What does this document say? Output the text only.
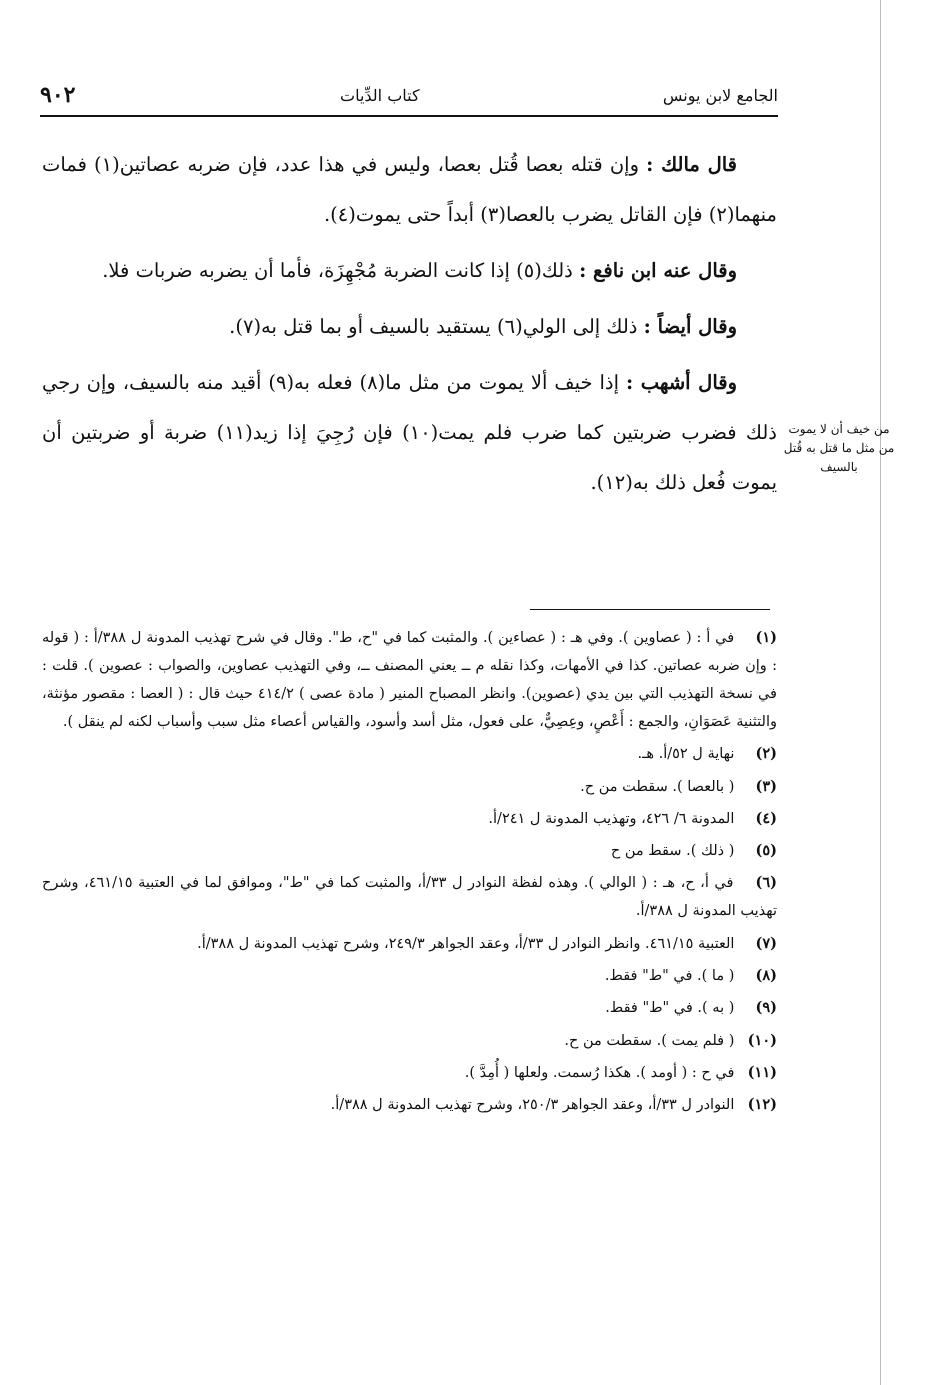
الجامع لابن يونس
كتاب الدِّيات
٩٠٢

قال مالك : وإن قتله بعصا قُتل بعصا، وليس في هذا عدد، فإن ضربه عصاتين(١) فمات منهما(٢) فإن القاتل يضرب بالعصا(٣) أبداً حتى يموت(٤).

وقال عنه ابن نافع : ذلك(٥) إذا كانت الضربة مُجْهِزَة، فأما أن يضربه ضربات فلا.

وقال أيضاً : ذلك إلى الولي(٦) يستقيد بالسيف أو بما قتل به(٧).

وقال أشهب : إذا خيف ألا يموت من مثل ما(٨) فعله به(٩) أقيد منه بالسيف، وإن رجي ذلك فضرب ضربتين كما ضرب فلم يمت(١٠) فإن رُجِيَ إذا زيد(١١) ضربة أو ضربتين أن يموت فُعل ذلك به(١٢).

من خيف أن لا يموت من مثل ما قتل به قُتل بالسيف
(١) في أ : ( عصاوين ). وفي هـ : ( عصاءين ). والمثبت كما في "ح، ط". وقال في شرح تهذيب المدونة ل ٣٨٨/أ : ( قوله : وإن ضربه عصاتين. كذا في الأمهات، وكذا نقله م ــ يعني المصنف ــ، وفي التهذيب عصاوين، والصواب : عصوين ). قلت : في نسخة التهذيب التي بين يدي (عصوين). وانظر المصباح المنير ( مادة عصى ) ٤١٤/٢ حيث قال : ( العصا : مقصور مؤنثة، والتثنية عَصَوَانِ، والجمع : أَعْصٍ، وعِصِيٌّ، على فعول، مثل أسد وأسود، والقياس أعصاء مثل سبب وأسباب لكنه لم ينقل ).
(٢) نهاية ل ٥٢/أ. هـ.
(٣) ( بالعصا ). سقطت من ح.
(٤) المدونة ٦/ ٤٢٦، وتهذيب المدونة ل ٢٤١/أ.
(٥) ( ذلك ). سقط من ح
(٦) في أ، ح، هـ : ( الوالي ). وهذه لفظة النوادر ل ٣٣/أ، والمثبت كما في "ط"، وموافق لما في العتبية ٤٦١/١٥، وشرح تهذيب المدونة ل ٣٨٨/أ.
(٧) العتبية ٤٦١/١٥. وانظر النوادر ل ٣٣/أ، وعقد الجواهر ٢٤٩/٣، وشرح تهذيب المدونة ل ٣٨٨/أ.
(٨) ( ما ). في "ط" فقط.
(٩) ( به ). في "ط" فقط.
(١٠) ( فلم يمت ). سقطت من ح.
(١١) في ح : ( أومد ). هكذا رُسمت. ولعلها ( أُمِدَّ ).
(١٢) النوادر ل ٣٣/أ، وعقد الجواهر ٢٥٠/٣، وشرح تهذيب المدونة ل ٣٨٨/أ.
